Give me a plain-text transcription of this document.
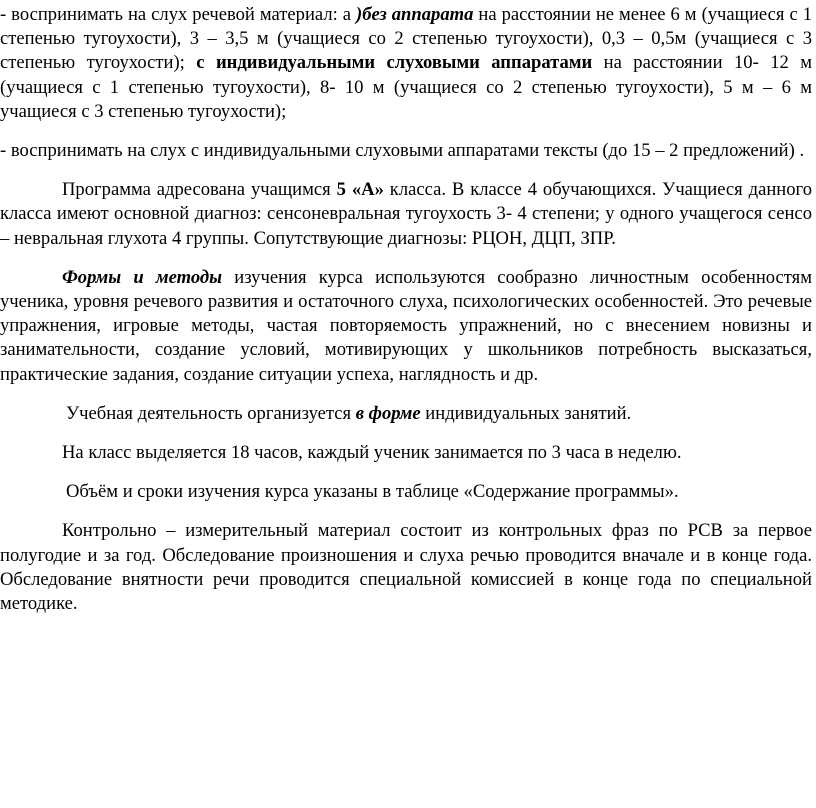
- воспринимать на слух речевой материал: а )без аппарата на расстоянии не менее 6 м (учащиеся с 1 степенью тугоухости), 3 – 3,5 м (учащиеся со 2 степенью тугоухости), 0,3 – 0,5м (учащиеся с 3 степенью тугоухости); с индивидуальными слуховыми аппаратами на расстоянии 10- 12 м (учащиеся с 1 степенью тугоухости), 8- 10 м (учащиеся со 2 степенью тугоухости), 5 м – 6 м учащиеся с 3 степенью тугоухости);

- воспринимать на слух с индивидуальными слуховыми аппаратами тексты (до 15 – 2 предложений) .

Программа адресована учащимся 5 «А» класса. В классе 4 обучающихся. Учащиеся данного класса имеют основной диагноз: сенсоневральная тугоухость 3- 4 степени; у одного учащегося сенсо – невральная глухота 4 группы. Сопутствующие диагнозы: РЦОН, ДЦП, ЗПР.

Формы и методы изучения курса используются сообразно личностным особенностям ученика, уровня речевого развития и остаточного слуха, психологических особенностей. Это речевые упражнения, игровые методы, частая повторяемость упражнений, но с внесением новизны и занимательности, создание условий, мотивирующих у школьников потребность высказаться, практические задания, создание ситуации успеха, наглядность и др.

Учебная деятельность организуется в форме индивидуальных занятий.

На класс выделяется 18 часов, каждый ученик занимается по 3 часа в неделю.

Объём и сроки изучения курса указаны в таблице «Содержание программы».

Контрольно – измерительный материал состоит из контрольных фраз по РСВ за первое полугодие и за год. Обследование произношения и слуха речью проводится вначале и в конце года. Обследование внятности речи проводится специальной комиссией в конце года по специальной методике.
